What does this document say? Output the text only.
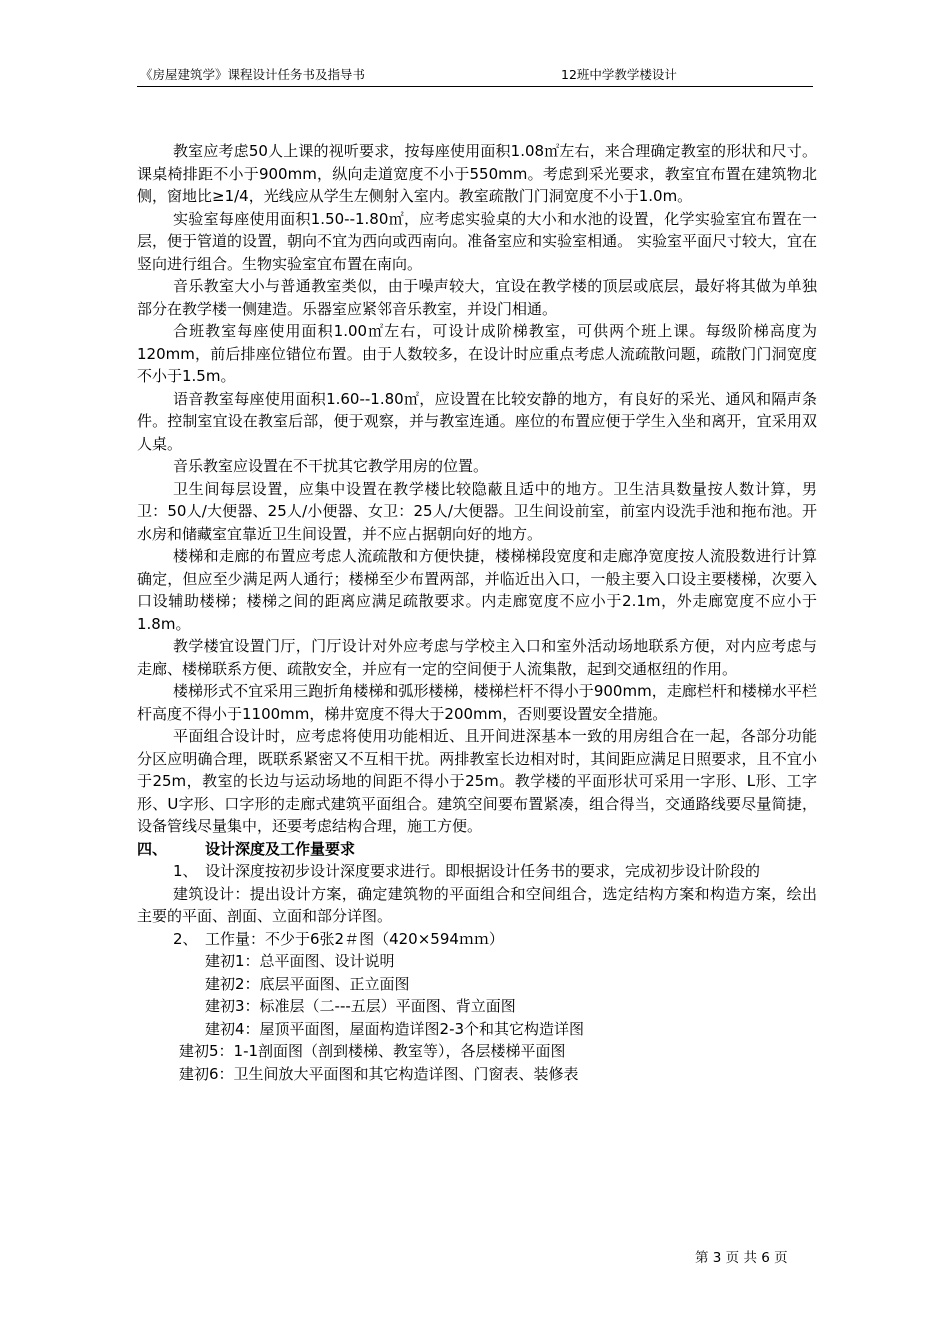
《房屋建筑学》课程设计任务书及指导书	12班中学教学楼设计

教室应考虑50人上课的视听要求，按每座使用面积1.08㎡左右，来合理确定教室的形状和尺寸。课桌椅排距不小于900mm，纵向走道宽度不小于550mm。考虑到采光要求，教室宜布置在建筑物北侧，窗地比≥1/4，光线应从学生左侧射入室内。教室疏散门门洞宽度不小于1.0m。

实验室每座使用面积1.50--1.80㎡，应考虑实验桌的大小和水池的设置，化学实验室宜布置在一层，便于管道的设置，朝向不宜为西向或西南向。准备室应和实验室相通。 实验室平面尺寸较大，宜在竖向进行组合。生物实验室宜布置在南向。

音乐教室大小与普通教室类似，由于噪声较大，宜设在教学楼的顶层或底层，最好将其做为单独部分在教学楼一侧建造。乐器室应紧邻音乐教室，并设门相通。

合班教室每座使用面积1.00㎡左右，可设计成阶梯教室，可供两个班上课。每级阶梯高度为120mm，前后排座位错位布置。由于人数较多，在设计时应重点考虑人流疏散问题，疏散门门洞宽度不小于1.5m。

语音教室每座使用面积1.60--1.80㎡，应设置在比较安静的地方，有良好的采光、通风和隔声条件。控制室宜设在教室后部，便于观察，并与教室连通。座位的布置应便于学生入坐和离开，宜采用双人桌。

音乐教室应设置在不干扰其它教学用房的位置。

卫生间每层设置，应集中设置在教学楼比较隐蔽且适中的地方。卫生洁具数量按人数计算，男卫：50人/大便器、25人/小便器、女卫：25人/大便器。卫生间设前室，前室内设洗手池和拖布池。开水房和储藏室宜靠近卫生间设置，并不应占据朝向好的地方。

楼梯和走廊的布置应考虑人流疏散和方便快捷，楼梯梯段宽度和走廊净宽度按人流股数进行计算确定，但应至少满足两人通行；楼梯至少布置两部，并临近出入口，一般主要入口设主要楼梯，次要入口设辅助楼梯；楼梯之间的距离应满足疏散要求。内走廊宽度不应小于2.1m，外走廊宽度不应小于1.8m。

教学楼宜设置门厅，门厅设计对外应考虑与学校主入口和室外活动场地联系方便，对内应考虑与走廊、楼梯联系方便、疏散安全，并应有一定的空间便于人流集散，起到交通枢纽的作用。

楼梯形式不宜采用三跑折角楼梯和弧形楼梯，楼梯栏杆不得小于900mm，走廊栏杆和楼梯水平栏杆高度不得小于1100mm，梯井宽度不得大于200mm，否则要设置安全措施。

平面组合设计时，应考虑将使用功能相近、且开间进深基本一致的用房组合在一起，各部分功能分区应明确合理，既联系紧密又不互相干扰。两排教室长边相对时，其间距应满足日照要求，且不宜小于25m，教室的长边与运动场地的间距不得小于25m。教学楼的平面形状可采用一字形、L形、工字形、U字形、口字形的走廊式建筑平面组合。建筑空间要布置紧凑，组合得当，交通路线要尽量简捷，设备管线尽量集中，还要考虑结构合理，施工方便。

四、	设计深度及工作量要求
1、 设计深度按初步设计深度要求进行。即根据设计任务书的要求，完成初步设计阶段的

建筑设计：提出设计方案，确定建筑物的平面组合和空间组合，选定结构方案和构造方案，绘出主要的平面、剖面、立面和部分详图。

2、 工作量：不少于6张2＃图（420×594ｍｍ）
建初1：总平面图、设计说明
建初2：底层平面图、正立面图
建初3：标准层（二---五层）平面图、背立面图
建初4：屋顶平面图，屋面构造详图2-3个和其它构造详图
建初5：1-1剖面图（剖到楼梯、教室等），各层楼梯平面图
建初6：卫生间放大平面图和其它构造详图、门窗表、装修表
第 3 页 共 6 页
